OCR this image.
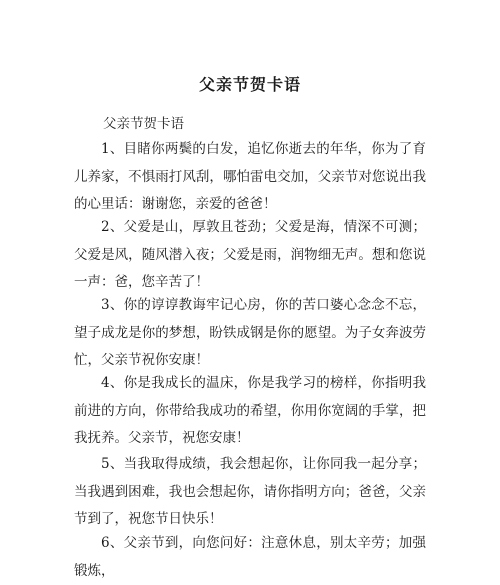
父亲节贺卡语

父亲节贺卡语

1、目睹你两鬓的白发，追忆你逝去的年华，你为了育儿养家，不惧雨打风刮，哪怕雷电交加，父亲节对您说出我的心里话：谢谢您，亲爱的爸爸！

2、父爱是山，厚敦且苍劲；父爱是海，情深不可测；父爱是风，随风潜入夜；父爱是雨，润物细无声。想和您说一声：爸，您辛苦了！

3、你的谆谆教诲牢记心房，你的苦口婆心念念不忘，望子成龙是你的梦想，盼铁成钢是你的愿望。为子女奔波劳忙，父亲节祝你安康！

4、你是我成长的温床，你是我学习的榜样，你指明我前进的方向，你带给我成功的希望，你用你宽阔的手掌，把我抚养。父亲节，祝您安康！

5、当我取得成绩，我会想起你，让你同我一起分享；当我遇到困难，我也会想起你，请你指明方向；爸爸，父亲节到了，祝您节日快乐！

6、父亲节到，向您问好：注意休息，别太辛劳；加强锻炼，
